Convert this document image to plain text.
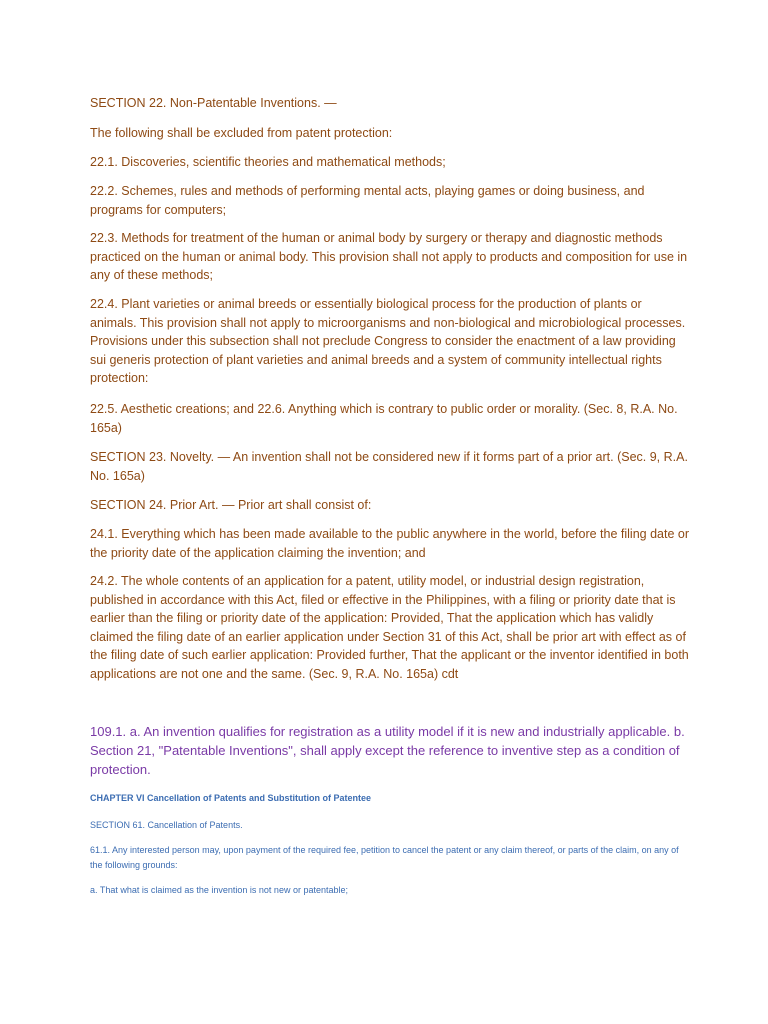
SECTION 22. Non-Patentable Inventions. —

The following shall be excluded from patent protection:

22.1. Discoveries, scientific theories and mathematical methods;

22.2. Schemes, rules and methods of performing mental acts, playing games or doing business, and programs for computers;

22.3. Methods for treatment of the human or animal body by surgery or therapy and diagnostic methods practiced on the human or animal body. This provision shall not apply to products and composition for use in any of these methods;

22.4. Plant varieties or animal breeds or essentially biological process for the production of plants or animals. This provision shall not apply to microorganisms and non-biological and microbiological processes. Provisions under this subsection shall not preclude Congress to consider the enactment of a law providing sui generis protection of plant varieties and animal breeds and a system of community intellectual rights protection:

22.5. Aesthetic creations; and 22.6. Anything which is contrary to public order or morality. (Sec. 8, R.A. No. 165a)

SECTION 23. Novelty. — An invention shall not be considered new if it forms part of a prior art. (Sec. 9, R.A. No. 165a)

SECTION 24. Prior Art. — Prior art shall consist of:

24.1. Everything which has been made available to the public anywhere in the world, before the filing date or the priority date of the application claiming the invention; and

24.2. The whole contents of an application for a patent, utility model, or industrial design registration, published in accordance with this Act, filed or effective in the Philippines, with a filing or priority date that is earlier than the filing or priority date of the application: Provided, That the application which has validly claimed the filing date of an earlier application under Section 31 of this Act, shall be prior art with effect as of the filing date of such earlier application: Provided further, That the applicant or the inventor identified in both applications are not one and the same. (Sec. 9, R.A. No. 165a) cdt

109.1. a. An invention qualifies for registration as a utility model if it is new and industrially applicable. b. Section 21, "Patentable Inventions", shall apply except the reference to inventive step as a condition of protection.

CHAPTER VI Cancellation of Patents and Substitution of Patentee

SECTION 61. Cancellation of Patents.

61.1. Any interested person may, upon payment of the required fee, petition to cancel the patent or any claim thereof, or parts of the claim, on any of the following grounds:

a. That what is claimed as the invention is not new or patentable;
